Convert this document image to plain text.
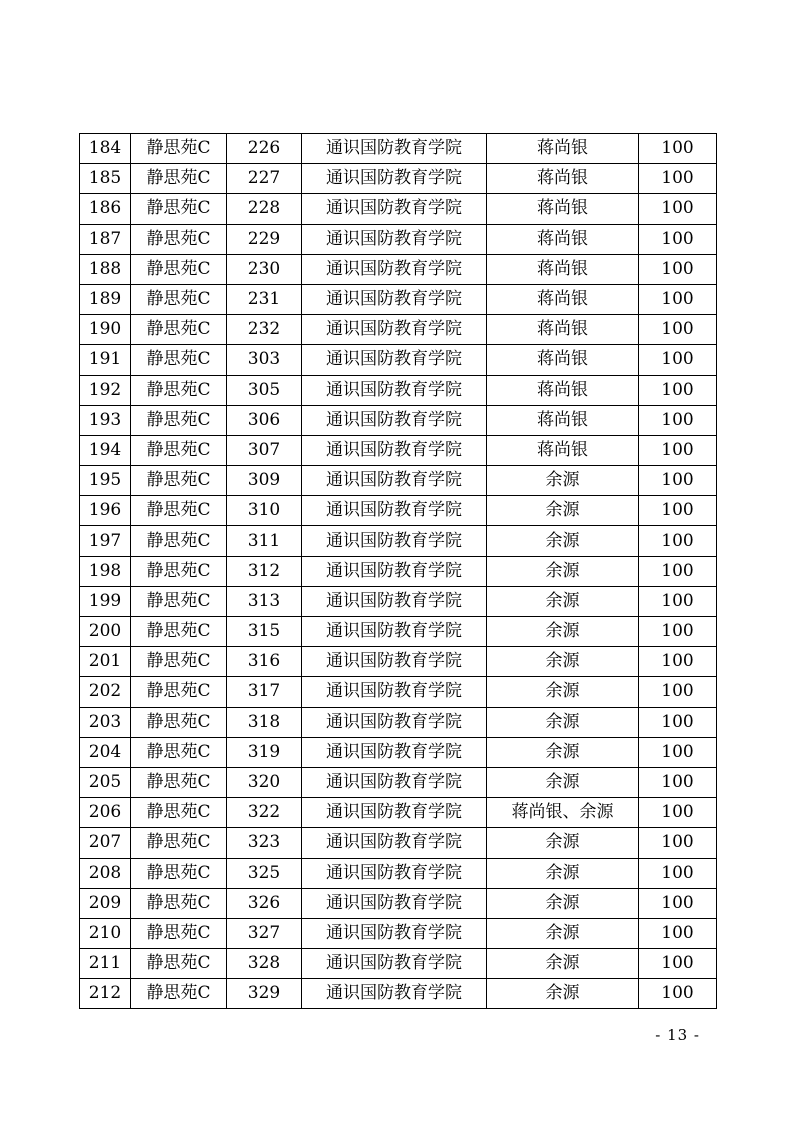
184	静思苑C	226	通识国防教育学院	蒋尚银	100
185	静思苑C	227	通识国防教育学院	蒋尚银	100
186	静思苑C	228	通识国防教育学院	蒋尚银	100
187	静思苑C	229	通识国防教育学院	蒋尚银	100
188	静思苑C	230	通识国防教育学院	蒋尚银	100
189	静思苑C	231	通识国防教育学院	蒋尚银	100
190	静思苑C	232	通识国防教育学院	蒋尚银	100
191	静思苑C	303	通识国防教育学院	蒋尚银	100
192	静思苑C	305	通识国防教育学院	蒋尚银	100
193	静思苑C	306	通识国防教育学院	蒋尚银	100
194	静思苑C	307	通识国防教育学院	蒋尚银	100
195	静思苑C	309	通识国防教育学院	余源	100
196	静思苑C	310	通识国防教育学院	余源	100
197	静思苑C	311	通识国防教育学院	余源	100
198	静思苑C	312	通识国防教育学院	余源	100
199	静思苑C	313	通识国防教育学院	余源	100
200	静思苑C	315	通识国防教育学院	余源	100
201	静思苑C	316	通识国防教育学院	余源	100
202	静思苑C	317	通识国防教育学院	余源	100
203	静思苑C	318	通识国防教育学院	余源	100
204	静思苑C	319	通识国防教育学院	余源	100
205	静思苑C	320	通识国防教育学院	余源	100
206	静思苑C	322	通识国防教育学院	蒋尚银、余源	100
207	静思苑C	323	通识国防教育学院	余源	100
208	静思苑C	325	通识国防教育学院	余源	100
209	静思苑C	326	通识国防教育学院	余源	100
210	静思苑C	327	通识国防教育学院	余源	100
211	静思苑C	328	通识国防教育学院	余源	100
212	静思苑C	329	通识国防教育学院	余源	100
- 13 -
